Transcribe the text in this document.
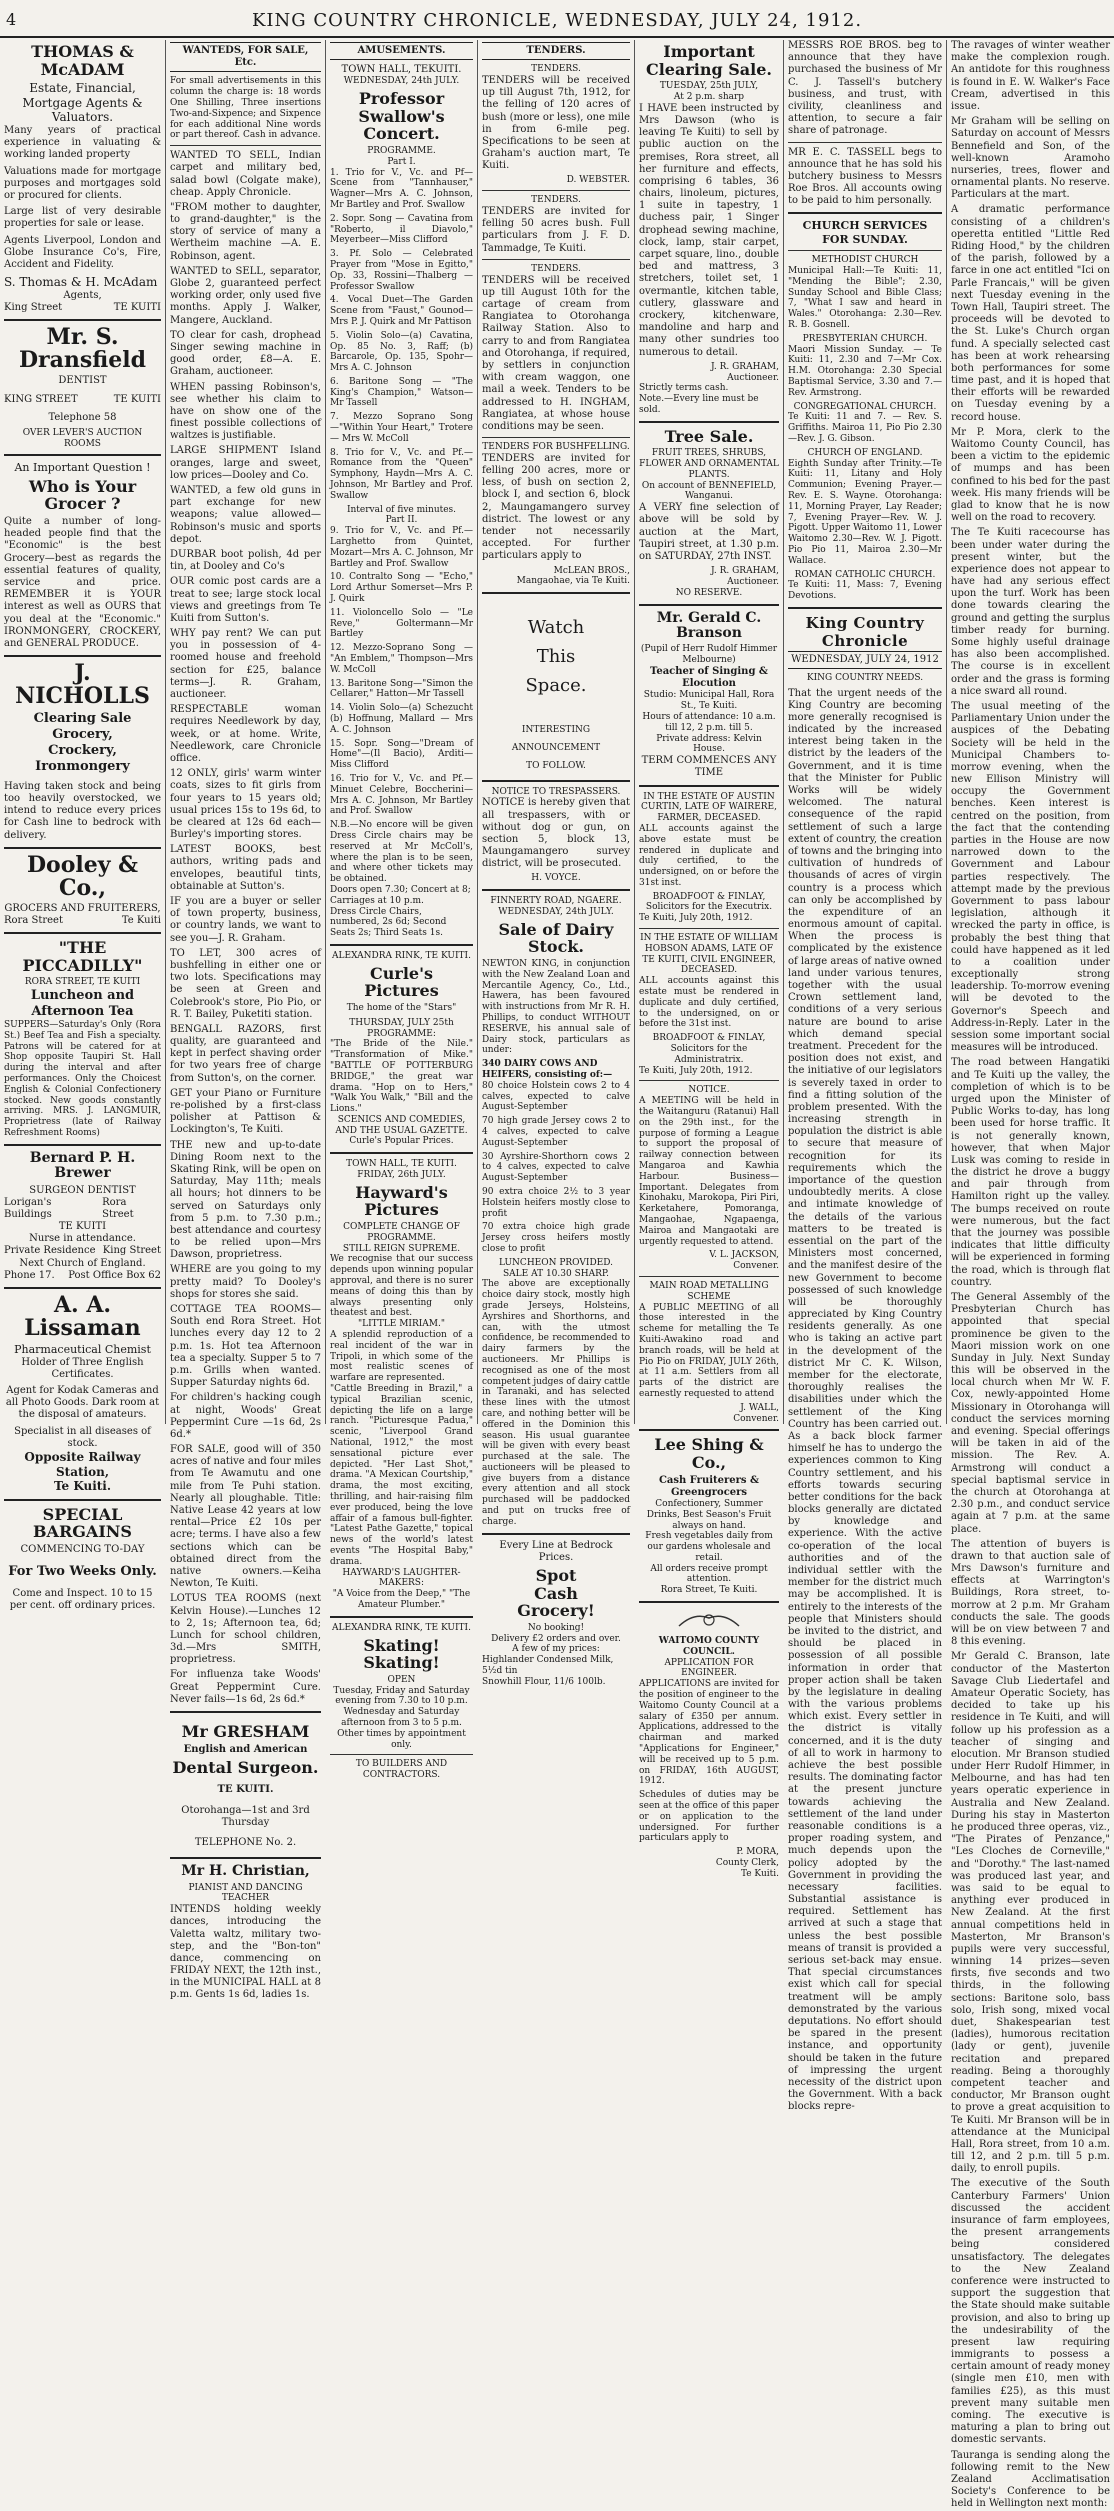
4	KING COUNTRY CHRONICLE, WEDNESDAY, JULY 24, 1912.
THOMAS & McADAM
Estate, Financial,
Mortgage Agents &
Valuators.
Many years of practical experience in valuating & working landed property
Valuations made for mortgage purposes and mortgages sold or procured for clients.
Large list of very desirable properties for sale or lease.
Agents Liverpool, London and Globe Insurance Co's, Fire, Accident and Fidelity.
S. Thomas & H. McAdam
Agents,
King Street	TE KUITI
Mr. S. Dransfield
DENTIST
KING STREET	TE KUITI
Telephone 58
OVER LEVER'S AUCTION ROOMS
An Important Question !
Who is Your Grocer ?
Quite a number of long-headed people find that the "Economic" is the best Grocery—best as regards the essential features of quality, service and price. REMEMBER it is YOUR interest as well as OURS that you deal at the "Economic." IRONMONGERY, CROCKERY, and GENERAL PRODUCE.
J. NICHOLLS
Clearing Sale Grocery,
Crockery, Ironmongery
Having taken stock and being too heavily overstocked, we intend to reduce every prices for Cash line to bedrock with delivery.
Dooley & Co.,
GROCERS AND FRUITERERS,
Rora Street	Te Kuiti
"THE PICCADILLY"
RORA STREET, TE KUITI
Luncheon and
Afternoon Tea
SUPPERS—Saturday's Only (Rora St.) Beef Tea and Fish a specialty. Patrons will be catered for at Shop opposite Taupiri St. Hall during the interval and after performances. Only the Choicest English & Colonial Confectionery stocked. New goods constantly arriving. MRS. J. LANGMUIR, Proprietress (late of Railway Refreshment Rooms)
Bernard P. H. Brewer
SURGEON DENTIST
Lorigan's Buildings
Rora Street
TE KUITI
Nurse in attendance.
Private Residence King Street
Next Church of England.
Phone 17. Post Office Box 62
A. A. Lissaman
Pharmaceutical Chemist
Holder of Three English Certificates.
Agent for Kodak Cameras and all Photo Goods. Dark room at the disposal of amateurs.
Specialist in all diseases of stock.
Opposite Railway Station,
Te Kuiti.
SPECIAL BARGAINS
COMMENCING TO-DAY
For Two Weeks Only.
Come and Inspect. 10 to 15 per cent. off ordinary prices.
WANTEDS, FOR SALE, Etc.
For small advertisements in this column the charge is: 18 words One Shilling, Three insertions Two-and-Sixpence; and Sixpence for each additional Nine words or part thereof. Cash in advance.
WANTED TO SELL, Indian carpet and military bed, salad bowl (Colgate make), cheap. Apply Chronicle.
"FROM mother to daughter, to grand-daughter," is the story of service of many a Wertheim machine —A. E. Robinson, agent.
WANTED to SELL, separator, Globe 2, guaranteed perfect working order, only used five months. Apply J. Walker, Mangere, Auckland.
TO clear for cash, drophead Singer sewing machine in good order, £8—A. E. Graham, auctioneer.
WHEN passing Robinson's, see whether his claim to have on show one of the finest possible collections of waltzes is justifiable.
LARGE SHIPMENT Island oranges, large and sweet, low prices—Dooley and Co.
WANTED, a few old guns in part exchange for new weapons; value allowed—Robinson's music and sports depot.
DURBAR boot polish, 4d per tin, at Dooley and Co's
OUR comic post cards are a treat to see; large stock local views and greetings from Te Kuiti from Sutton's.
WHY pay rent? We can put you in possession of 4-roomed house and freehold section for £25, balance terms—J. R. Graham, auctioneer.
RESPECTABLE woman requires Needlework by day, week, or at home. Write, Needlework, care Chronicle office.
12 ONLY, girls' warm winter coats, sizes to fit girls from four years to 15 years old; usual prices 15s to 19s 6d, to be cleared at 12s 6d each—Burley's importing stores.
LATEST BOOKS, best authors, writing pads and envelopes, beautiful tints, obtainable at Sutton's.
IF you are a buyer or seller of town property, business, or country lands, we want to see you—J. R. Graham.
TO LET, 300 acres of bushfelling in either one or two lots. Specifications may be seen at Green and Colebrook's store, Pio Pio, or R. T. Bailey, Puketiti station.
BENGALL RAZORS, first quality, are guaranteed and kept in perfect shaving order for two years free of charge from Sutton's, on the corner.
GET your Piano or Furniture re-polished by a first-class polisher at Pattison & Lockington's, Te Kuiti.
THE new and up-to-date Dining Room next to the Skating Rink, will be open on Saturday, May 11th; meals all hours; hot dinners to be served on Saturdays only from 5 p.m. to 7.30 p.m.; best attendance and courtesy to be relied upon—Mrs Dawson, proprietress.
WHERE are you going to my pretty maid? To Dooley's shops for stores she said.
COTTAGE TEA ROOMS—South end Rora Street. Hot lunches every day 12 to 2 p.m. 1s. Hot tea Afternoon tea a specialty. Supper 5 to 7 p.m. Grills when wanted. Supper Saturday nights 6d.
For children's hacking cough at night, Woods' Great Peppermint Cure —1s 6d, 2s 6d.*
FOR SALE, good will of 350 acres of native and four miles from Te Awamutu and one mile from Te Puhi station. Nearly all ploughable. Title: Native Lease 42 years at low rental—Price £2 10s per acre; terms. I have also a few sections which can be obtained direct from the native owners.—Keiha Newton, Te Kuiti.
LOTUS TEA ROOMS (next Kelvin House).—Lunches 12 to 2, 1s; Afternoon tea, 6d; Lunch for school children, 3d.—Mrs SMITH, proprietress.
For influenza take Woods' Great Peppermint Cure. Never fails—1s 6d, 2s 6d.*
Mr GRESHAM
English and American
Dental Surgeon.
TE KUITI.
Otorohanga—1st and 3rd Thursday
TELEPHONE No. 2.
Mr H. Christian,
PIANIST AND DANCING TEACHER
INTENDS holding weekly dances, introducing the Valetta waltz, military two-step, and the "Bon-ton" dance, commencing on FRIDAY NEXT, the 12th inst., in the MUNICIPAL HALL at 8 p.m. Gents 1s 6d, ladies 1s.
AMUSEMENTS.
TOWN HALL, TEKUITI.
WEDNESDAY, 24th JULY.
Professor Swallow's Concert.
PROGRAMME.
Part I.
1. Trio for V., Vc. and Pf—Scene from "Tannhauser," Wagner—Mrs A. C. Johnson, Mr Bartley and Prof. Swallow
2. Sopr. Song — Cavatina from "Roberto, il Diavolo," Meyerbeer—Miss Clifford
3. Pf. Solo — Celebrated Prayer from "Mose in Egitto," Op. 33, Rossini—Thalberg — Professor Swallow
4. Vocal Duet—The Garden Scene from "Faust," Gounod—Mrs P. J. Quirk and Mr Pattison
5. Violin Solo—(a) Cavatina, Op. 85 No. 3, Raff; (b) Barcarole, Op. 135, Spohr—Mrs A. C. Johnson
6. Baritone Song — "The King's Champion," Watson—Mr Tassell
7. Mezzo Soprano Song—"Within Your Heart," Trotere — Mrs W. McColl
8. Trio for V., Vc. and Pf.—Romance from the "Queen" Symphony, Haydn—Mrs A. C. Johnson, Mr Bartley and Prof. Swallow
Interval of five minutes.
Part II.
9. Trio for V., Vc. and Pf.—Larghetto from Quintet, Mozart—Mrs A. C. Johnson, Mr Bartley and Prof. Swallow
10. Contralto Song — "Echo," Lord Arthur Somerset—Mrs P. J. Quirk
11. Violoncello Solo — "Le Reve," Goltermann—Mr Bartley
12. Mezzo-Soprano Song — "An Emblem," Thompson—Mrs W. McColl
13. Baritone Song—"Simon the Cellarer," Hatton—Mr Tassell
14. Violin Solo—(a) Schezucht (b) Hoffnung, Mallard — Mrs A. C. Johnson
15. Sopr. Song—"Dream of Home"—(Il Bacio), Arditi—Miss Clifford
16. Trio for V., Vc. and Pf.—Minuet Celebre, Boccherini—Mrs A. C. Johnson, Mr Bartley and Prof. Swallow
N.B.—No encore will be given Dress Circle chairs may be reserved at Mr McColl's, where the plan is to be seen, and where other tickets may be obtained.
Doors open 7.30; Concert at 8; Carriages at 10 p.m.
Dress Circle Chairs, numbered, 2s 6d; Second Seats 2s; Third Seats 1s.
ALEXANDRA RINK, TE KUITI.
Curle's Pictures
The home of the "Stars"
THURSDAY, JULY 25th
PROGRAMME:
"The Bride of the Nile." "Transformation of Mike." "BATTLE OF POTTERBURG BRIDGE," the great war drama. "Hop on to Hers," "Walk You Walk," "Bill and the Lions."
SCENICS AND COMEDIES, AND THE USUAL GAZETTE.
Curle's Popular Prices.
TOWN HALL, TE KUITI.
FRIDAY, 26th JULY.
Hayward's Pictures
COMPLETE CHANGE OF PROGRAMME.
STILL REIGN SUPREME.
We recognise that our success depends upon winning popular approval, and there is no surer means of doing this than by always presenting only theatest and best.
"LITTLE MIRIAM."
A splendid reproduction of a real incident of the war in Tripoli, in which some of the most realistic scenes of warfare are represented.
"Cattle Breeding in Brazil," a typical Brazilian scenic, depicting the life on a large ranch. "Picturesque Padua," scenic, "Liverpool Grand National, 1912," the most sensational picture ever depicted. "Her Last Shot," drama. "A Mexican Courtship," drama, the most exciting, thrilling, and hair-raising film ever produced, being the love affair of a famous bull-fighter. "Latest Pathe Gazette," topical news of the world's latest events "The Hospital Baby," drama.
HAYWARD'S LAUGHTER-MAKERS:
"A Voice from the Deep," "The Amateur Plumber."
ALEXANDRA RINK, TE KUITI.
Skating! Skating!
OPEN
Tuesday, Friday and Saturday evening from 7.30 to 10 p.m. Wednesday and Saturday afternoon from 3 to 5 p.m.
Other times by appointment only.
TO BUILDERS AND CONTRACTORS.
TENDERS.
TENDERS.
TENDERS will be received up till August 7th, 1912, for the felling of 120 acres of bush (more or less), one mile in from 6-mile peg. Specifications to be seen at Graham's auction mart, Te Kuiti.
D. WEBSTER.
TENDERS.
TENDERS are invited for felling 50 acres bush. Full particulars from J. F. D. Tammadge, Te Kuiti.
TENDERS.
TENDERS will be received up till August 10th for the cartage of cream from Rangiatea to Otorohanga Railway Station. Also to carry to and from Rangiatea and Otorohanga, if required, by settlers in conjunction with cream waggon, one mail a week. Tenders to be addressed to H. INGHAM, Rangiatea, at whose house conditions may be seen.
TENDERS FOR BUSHFELLING.
TENDERS are invited for felling 200 acres, more or less, of bush on section 2, block I, and section 6, block 2, Maungamangero survey district. The lowest or any tender not necessarily accepted. For further particulars apply to
McLEAN BROS.,
Mangaohae, via Te Kuiti.
Watch
This
Space.
INTERESTING
ANNOUNCEMENT
TO FOLLOW.
NOTICE TO TRESPASSERS.
NOTICE is hereby given that all trespassers, with or without dog or gun, on section 5, block 13, Maungamangero survey district, will be prosecuted.
H. VOYCE.
FINNERTY ROAD, NGAERE.
WEDNESDAY, 24th JULY.
Sale of Dairy Stock.
NEWTON KING, in conjunction with the New Zealand Loan and Mercantile Agency, Co., Ltd., Hawera, has been favoured with instructions from Mr R. H. Phillips, to conduct WITHOUT RESERVE, his annual sale of Dairy stock, particulars as under:
340 DAIRY COWS AND HEIFERS, consisting of:—
80 choice Holstein cows 2 to 4 calves, expected to calve August-September
70 high grade Jersey cows 2 to 4 calves, expected to calve August-September
30 Ayrshire-Shorthorn cows 2 to 4 calves, expected to calve August-September
90 extra choice 2½ to 3 year Holstein heifers mostly close to profit
70 extra choice high grade Jersey cross heifers mostly close to profit
LUNCHEON PROVIDED.
SALE AT 10.30 SHARP.
The above are exceptionally choice dairy stock, mostly high grade Jerseys, Holsteins, Ayrshires and Shorthorns, and can, with the utmost confidence, be recommended to dairy farmers by the auctioneers. Mr Phillips is recognised as one of the most competent judges of dairy cattle in Taranaki, and has selected these lines with the utmost care, and nothing better will be offered in the Dominion this season. His usual guarantee will be given with every beast purchased at the sale. The auctioneers will be pleased to give buyers from a distance every attention and all stock purchased will be paddocked and put on trucks free of charge.
Every Line at Bedrock Prices.
Spot
Cash
Grocery!
No booking!
Delivery £2 orders and over.
A few of my prices:
Highlander Condensed Milk, 5½d tin
Snowhill Flour, 11/6 100lb.
Important Clearing Sale.
TUESDAY, 25th JULY,
At 2 p.m. sharp
I HAVE been instructed by Mrs Dawson (who is leaving Te Kuiti) to sell by public auction on the premises, Rora street, all her furniture and effects, comprising 6 tables, 36 chairs, linoleum, pictures, 1 suite in tapestry, 1 duchess pair, 1 Singer drophead sewing machine, clock, lamp, stair carpet, carpet square, lino., double bed and mattress, 3 stretchers, toilet set, 1 overmantle, kitchen table, cutlery, glassware and crockery, kitchenware, mandoline and harp and many other sundries too numerous to detail.
J. R. GRAHAM,
Auctioneer.
Strictly terms cash.
Note.—Every line must be sold.
Tree Sale.
FRUIT TREES, SHRUBS, FLOWER AND ORNAMENTAL PLANTS.
On account of BENNEFIELD, Wanganui.
A VERY fine selection of above will be sold by auction at the Mart, Taupiri street, at 1.30 p.m. on SATURDAY, 27th INST.
J. R. GRAHAM,
Auctioneer.
NO RESERVE.
Mr. Gerald C. Branson
(Pupil of Herr Rudolf Himmer Melbourne)
Teacher of Singing & Elocution
Studio: Municipal Hall, Rora St., Te Kuiti.
Hours of attendance: 10 a.m. till 12, 2 p.m. till 5.
Private address: Kelvin House.
TERM COMMENCES ANY TIME
IN THE ESTATE OF AUSTIN CURTIN, LATE OF WAIRERE, FARMER, DECEASED.
ALL accounts against the above estate must be rendered in duplicate and duly certified, to the undersigned, on or before the 31st inst.
BROADFOOT & FINLAY,
Solicitors for the Executrix.
Te Kuiti, July 20th, 1912.
IN THE ESTATE OF WILLIAM HOBSON ADAMS, LATE OF TE KUITI, CIVIL ENGINEER, DECEASED.
ALL accounts against this estate must be rendered in duplicate and duly certified, to the undersigned, on or before the 31st inst.
BROADFOOT & FINLAY,
Solicitors for the Administratrix.
Te Kuiti, July 20th, 1912.
NOTICE.
A MEETING will be held in the Waitanguru (Ratanui) Hall on the 29th inst., for the purpose of forming a League to support the proposal of railway connection between Mangaroa and Kawhia Harbour. Business—Important. Delegates from Kinohaku, Marokopa, Piri Piri, Kerketahere, Pomoranga, Mangaohae, Ngapaenga, Mairoa and Mangaotaki are urgently requested to attend.
V. L. JACKSON,
Convener.
MAIN ROAD METALLING SCHEME
A PUBLIC MEETING of all those interested in the scheme for metalling the Te Kuiti-Awakino road and branch roads, will be held at Pio Pio on FRIDAY, JULY 26th, at 11 a.m. Settlers from all parts of the district are earnestly requested to attend
J. WALL,
Convener.
Lee Shing & Co.,
Cash Fruiterers & Greengrocers
Confectionery, Summer Drinks, Best Season's Fruit always on hand.
Fresh vegetables daily from our gardens wholesale and retail.
All orders receive prompt attention.
Rora Street, Te Kuiti.
WAITOMO COUNTY COUNCIL.
APPLICATION FOR ENGINEER.
APPLICATIONS are invited for the position of engineer to the Waitomo County Council at a salary of £350 per annum. Applications, addressed to the chairman and marked "Applications for Engineer," will be received up to 5 p.m. on FRIDAY, 16th AUGUST, 1912.
Schedules of duties may be seen at the office of this paper or on application to the undersigned. For further particulars apply to
P. MORA,
County Clerk,
Te Kuiti.
MESSRS ROE BROS. beg to announce that they have purchased the business of Mr C. J. Tassell's butchery business, and trust, with civility, cleanliness and attention, to secure a fair share of patronage.
MR E. C. TASSELL begs to announce that he has sold his butchery business to Messrs Roe Bros. All accounts owing to be paid to him personally.
CHURCH SERVICES FOR SUNDAY.
METHODIST CHURCH
Municipal Hall:—Te Kuiti: 11, "Mending the Bible"; 2.30, Sunday School and Bible Class; 7, "What I saw and heard in Wales." Otorohanga: 2.30—Rev. R. B. Gosnell.
PRESBYTERIAN CHURCH.
Maori Mission Sunday. — Te Kuiti: 11, 2.30 and 7—Mr Cox. H.M. Otorohanga: 2.30 Special Baptismal Service, 3.30 and 7.—Rev. Armstrong.
CONGREGATIONAL CHURCH.
Te Kuiti: 11 and 7. — Rev. S. Griffiths. Mairoa 11, Pio Pio 2.30—Rev. J. G. Gibson.
CHURCH OF ENGLAND.
Eighth Sunday after Trinity.—Te Kuiti: 11, Litany and Holy Communion; Evening Prayer.—Rev. E. S. Wayne. Otorohanga: 11, Morning Prayer, Lay Reader; 7, Evening Prayer—Rev. W. J. Pigott. Upper Waitomo 11, Lower Waitomo 2.30—Rev. W. J. Pigott. Pio Pio 11, Mairoa 2.30—Mr Wallace.
ROMAN CATHOLIC CHURCH.
Te Kuiti: 11, Mass: 7, Evening Devotions.
King Country Chronicle
WEDNESDAY, JULY 24, 1912
KING COUNTRY NEEDS.
That the urgent needs of the King Country are becoming more generally recognised is indicated by the increased interest being taken in the district by the leaders of the Government, and it is time that the Minister for Public Works will be widely welcomed. The natural consequence of the rapid settlement of such a large extent of country, the creation of towns and the bringing into cultivation of hundreds of thousands of acres of virgin country is a process which can only be accomplished by the expenditure of an enormous amount of capital. When the process is complicated by the existence of large areas of native owned land under various tenures, together with the usual Crown settlement land, conditions of a very serious nature are bound to arise which demand special treatment. Precedent for the position does not exist, and the initiative of our legislators is severely taxed in order to find a fitting solution of the problem presented. With the increasing strength in population the district is able to secure that measure of recognition for its requirements which the importance of the question undoubtedly merits. A close and intimate knowledge of the details of the various matters to be treated is essential on the part of the Ministers most concerned, and the manifest desire of the new Government to become possessed of such knowledge will be thoroughly appreciated by King Country residents generally. As one who is taking an active part in the development of the district Mr C. K. Wilson, member for the electorate, thoroughly realises the disabilities under which the settlement of the King Country has been carried out. As a back block farmer himself he has to undergo the experiences common to King Country settlement, and his efforts towards securing better conditions for the back blocks generally are dictated by knowledge and experience. With the active co-operation of the local authorities and of the individual settler with the member for the district much may be accomplished. It is entirely to the interests of the people that Ministers should be invited to the district, and should be placed in possession of all possible information in order that proper action shall be taken by the legislature in dealing with the various problems which exist. Every settler in the district is vitally concerned, and it is the duty of all to work in harmony to achieve the best possible results. The dominating factor at the present juncture towards achieving the settlement of the land under reasonable conditions is a proper roading system, and much depends upon the policy adopted by the Government in providing the necessary facilities. Substantial assistance is required. Settlement has arrived at such a stage that unless the best possible means of transit is provided a serious set-back may ensue. That special circumstances exist which call for special treatment will be amply demonstrated by the various deputations. No effort should be spared in the present instance, and opportunity should be taken in the future of impressing the urgent necessity of the district upon the Government. With a back blocks repre-
The ravages of winter weather make the complexion rough. An antidote for this roughness is found in E. W. Walker's Face Cream, advertised in this issue.
Mr Graham will be selling on Saturday on account of Messrs Bennefield and Son, of the well-known Aramoho nurseries, trees, flower and ornamental plants. No reserve. Particulars at the mart.
A dramatic performance consisting of a children's operetta entitled "Little Red Riding Hood," by the children of the parish, followed by a farce in one act entitled "Ici on Parle Francais," will be given next Tuesday evening in the Town Hall, Taupiri street. The proceeds will be devoted to the St. Luke's Church organ fund. A specially selected cast has been at work rehearsing both performances for some time past, and it is hoped that their efforts will be rewarded on Tuesday evening by a record house.
Mr P. Mora, clerk to the Waitomo County Council, has been a victim to the epidemic of mumps and has been confined to his bed for the past week. His many friends will be glad to know that he is now well on the road to recovery.
The Te Kuiti racecourse has been under water during the present winter, but the experience does not appear to have had any serious effect upon the turf. Work has been done towards clearing the ground and getting the surplus timber ready for burning. Some highly useful drainage has also been accomplished. The course is in excellent order and the grass is forming a nice sward all round.
The usual meeting of the Parliamentary Union under the auspices of the Debating Society will be held in the Municipal Chambers to-morrow evening, when the new Ellison Ministry will occupy the Government benches. Keen interest is centred on the position, from the fact that the contending parties in the House are now narrowed down to the Government and Labour parties respectively. The attempt made by the previous Government to pass labour legislation, although it wrecked the party in office, is probably the best thing that could have happened as it led to a coalition under exceptionally strong leadership. To-morrow evening will be devoted to the Governor's Speech and Address-in-Reply. Later in the session some important social measures will be introduced.
The road between Hangatiki and Te Kuiti up the valley, the completion of which is to be urged upon the Minister of Public Works to-day, has long been used for horse traffic. It is not generally known, however, that when Major Lusk was coming to reside in the district he drove a buggy and pair through from Hamilton right up the valley. The bumps received on route were numerous, but the fact that the journey was possible indicates that little difficulty will be experienced in forming the road, which is through flat country.
The General Assembly of the Presbyterian Church has appointed that special prominence be given to the Maori mission work on one Sunday in July. Next Sunday this will be observed in the local church when Mr W. F. Cox, newly-appointed Home Missionary in Otorohanga will conduct the services morning and evening. Special offerings will be taken in aid of the mission. The Rev. A. Armstrong will conduct a special baptismal service in the church at Otorohanga at 2.30 p.m., and conduct service again at 7 p.m. at the same place.
The attention of buyers is drawn to that auction sale of Mrs Dawson's furniture and effects at Warrington's Buildings, Rora street, to-morrow at 2 p.m. Mr Graham conducts the sale. The goods will be on view between 7 and 8 this evening.
Mr Gerald C. Branson, late conductor of the Masterton Savage Club Liedertafel and Amateur Operatic Society, has decided to take up his residence in Te Kuiti, and will follow up his profession as a teacher of singing and elocution. Mr Branson studied under Herr Rudolf Himmer, in Melbourne, and has had ten years operatic experience in Australia and New Zealand. During his stay in Masterton he produced three operas, viz., "The Pirates of Penzance," "Les Cloches de Corneville," and "Dorothy." The last-named was produced last year, and was said to be equal to anything ever produced in New Zealand. At the first annual competitions held in Masterton, Mr Branson's pupils were very successful, winning 14 prizes—seven firsts, five seconds and two thirds, in the following sections: Baritone solo, bass solo, Irish song, mixed vocal duet, Shakespearian test (ladies), humorous recitation (lady or gent), juvenile recitation and prepared reading. Being a thoroughly competent teacher and conductor, Mr Branson ought to prove a great acquisition to Te Kuiti. Mr Branson will be in attendance at the Municipal Hall, Rora street, from 10 a.m. till 12, and 2 p.m. till 5 p.m. daily, to enroll pupils.
The executive of the South Canterbury Farmers' Union discussed the accident insurance of farm employees, the present arrangements being considered unsatisfactory. The delegates to the New Zealand conference were instructed to support the suggestion that the State should make suitable provision, and also to bring up the undesirability of the present law requiring immigrants to possess a certain amount of ready money (single men £10, men with families £25), as this must prevent many suitable men coming. The executive is maturing a plan to bring out domestic servants.
Tauranga is sending along the following remit to the New Zealand Acclimatisation Society's Conference to be held in Wellington next month:
